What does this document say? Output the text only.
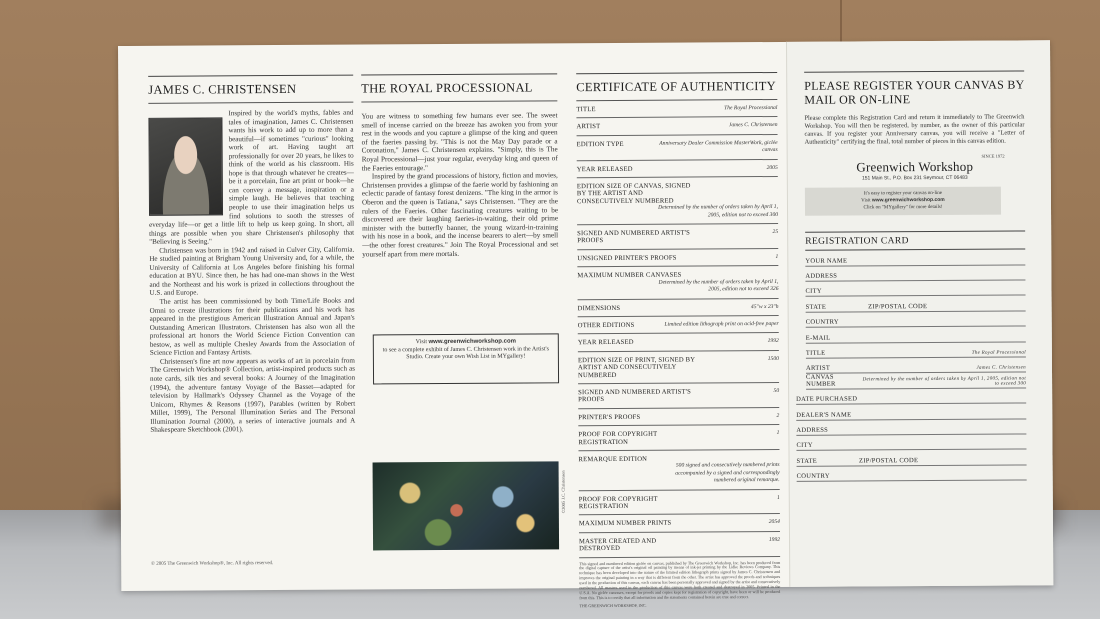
JAMES C. CHRISTENSEN

Inspired by the world's myths, fables and tales of imagination, James C. Christensen wants his work to add up to more than a beautiful—if sometimes "curious" looking work of art. Having taught art professionally for over 20 years, he likes to think of the world as his classroom. His hope is that through whatever he creates—be it a porcelain, fine art print or book—he can convey a message, inspiration or a simple laugh. He believes that teaching people to use their imagination helps us find solutions to sooth the stresses of everyday life—or get a little lift to help us keep going. In short, all things are possible when you share Christensen's philosophy that "Believing is Seeing."

Christensen was born in 1942 and raised in Culver City, California. He studied painting at Brigham Young University and, for a while, the University of California at Los Angeles before finishing his formal education at BYU. Since then, he has had one-man shows in the West and the Northeast and his work is prized in collections throughout the U.S. and Europe.

The artist has been commissioned by both Time/Life Books and Omni to create illustrations for their publications and his work has appeared in the prestigious American Illustration Annual and Japan's Outstanding American Illustrators. Christensen has also won all the professional art honors the World Science Fiction Convention can bestow, as well as multiple Chesley Awards from the Association of Science Fiction and Fantasy Artists.

Christensen's fine art now appears as works of art in porcelain from The Greenwich Workshop® Collection, artist-inspired products such as note cards, silk ties and several books: A Journey of the Imagination (1994), the adventure fantasy Voyage of the Basset—adapted for television by Hallmark's Odyssey Channel as the Voyage of the Unicorn, Rhymes & Reasons (1997), Parables (written by Robert Millet, 1999), The Personal Illumination Series and The Personal Illumination Journal (2000), a series of interactive journals and A Shakespeare Sketchbook (2001).

© 2005 The Greenwich Workshop®, Inc. All rights reserved.
THE ROYAL PROCESSIONAL

You are witness to something few humans ever see. The sweet smell of incense carried on the breeze has awoken you from your rest in the woods and you capture a glimpse of the king and queen of the faeries passing by. "This is not the May Day parade or a Coronation," James C. Christensen explains. "Simply, this is The Royal Processional—just your regular, everyday king and queen of the Faeries entourage."

Inspired by the grand processions of history, fiction and movies, Christensen provides a glimpse of the faerie world by fashioning an eclectic parade of fantasy forest denizens. "The king in the armor is Oberon and the queen is Tatiana," says Christensen. "They are the rulers of the Faeries. Other fascinating creatures waiting to be discovered are their laughing faeries-in-waiting, their old prime minister with the butterfly banner, the young wizard-in-training with his nose in a book, and the incense bearers to alert—by smell—the other forest creatures." Join The Royal Processional and set yourself apart from mere mortals.

Visit www.greenwichworkshop.com
to see a complete exhibit of James C. Christensen work in the Artist's Studio. Create your own Wish List in MYgallery!
©2005 J.C. Christensen
CERTIFICATE OF AUTHENTICITY
TITLE	The Royal Processional
ARTIST	James C. Christensen
EDITION TYPE	Anniversary Dealer Commission MasterWork, giclée canvas
YEAR RELEASED	2005
EDITION SIZE OF CANVAS, SIGNED BY THE ARTIST AND CONSECUTIVELY NUMBERED
Determined by the number of orders taken by April 1, 2005, edition not to exceed 300
SIGNED AND NUMBERED ARTIST'S PROOFS
25
UNSIGNED PRINTER'S PROOFS	1
MAXIMUM NUMBER CANVASES
Determined by the number of orders taken by April 1, 2005, edition not to exceed 326
DIMENSIONS	45"w x 23"h
OTHER EDITIONS	Limited edition lithograph print on acid-free paper
YEAR RELEASED	1992
EDITION SIZE OF PRINT, SIGNED BY ARTIST AND CONSECUTIVELY NUMBERED
1500
SIGNED AND NUMBERED ARTIST'S PROOFS
50
PRINTER'S PROOFS	2
PROOF FOR COPYRIGHT REGISTRATION
1
REMARQUE EDITION
500 signed and consecutively numbered prints accompanied by a signed and correspondingly numbered original remarque.
PROOF FOR COPYRIGHT REGISTRATION
1
MAXIMUM NUMBER PRINTS	2054
MASTER CREATED AND DESTROYED
1992
This signed and numbered edition giclée on canvas, published by The Greenwich Workshop, Inc. has been produced from the digital capture of the artist's original oil painting by means of ink-jet printing by the Lidke Reviews Company. This technique has been developed into the nature of the limited edition lithograph prints signed by James C. Christensen and improves the original painting in a way that is different from the other. The artist has approved the proofs and techniques used in the production of this canvas, each canvas has been personally approved and signed by the artist and consecutively numbered. All masters used in the production of this canvas were both created and destroyed in 2005. Printed in the U.S.A. No giclée canvases, except for proofs and copies kept for registration of copyright, have been or will be produced from this. This is to certify that all information and the statements contained herein are true and correct.
THE GREENWICH WORKSHOP, INC.
PLEASE REGISTER YOUR CANVAS BY MAIL OR ON-LINE
Please complete this Registration Card and return it immediately to The Greenwich Workshop. You will then be registered, by number, as the owner of this particular canvas. If you register your Anniversary canvas, you will receive a "Letter of Authenticity" certifying the final, total number of pieces in this canvas edition.
SINCE 1972
Greenwich Workshop
151 Main St., P.O. Box 231 Seymour, CT 06483
It's easy to register your canvas on-line
Visit www.greenwichworkshop.com
Click on "MYgallery" for more details!
REGISTRATION CARD
YOUR NAME
ADDRESS
CITY
STATE	ZIP/POSTAL CODE
COUNTRY
E-MAIL
TITLE	The Royal Processional
ARTIST	James C. Christensen
CANVAS NUMBER
Determined by the number of orders taken by April 1, 2005, edition not to exceed 300
DATE PURCHASED
DEALER'S NAME
ADDRESS
CITY
STATE	ZIP/POSTAL CODE
COUNTRY
